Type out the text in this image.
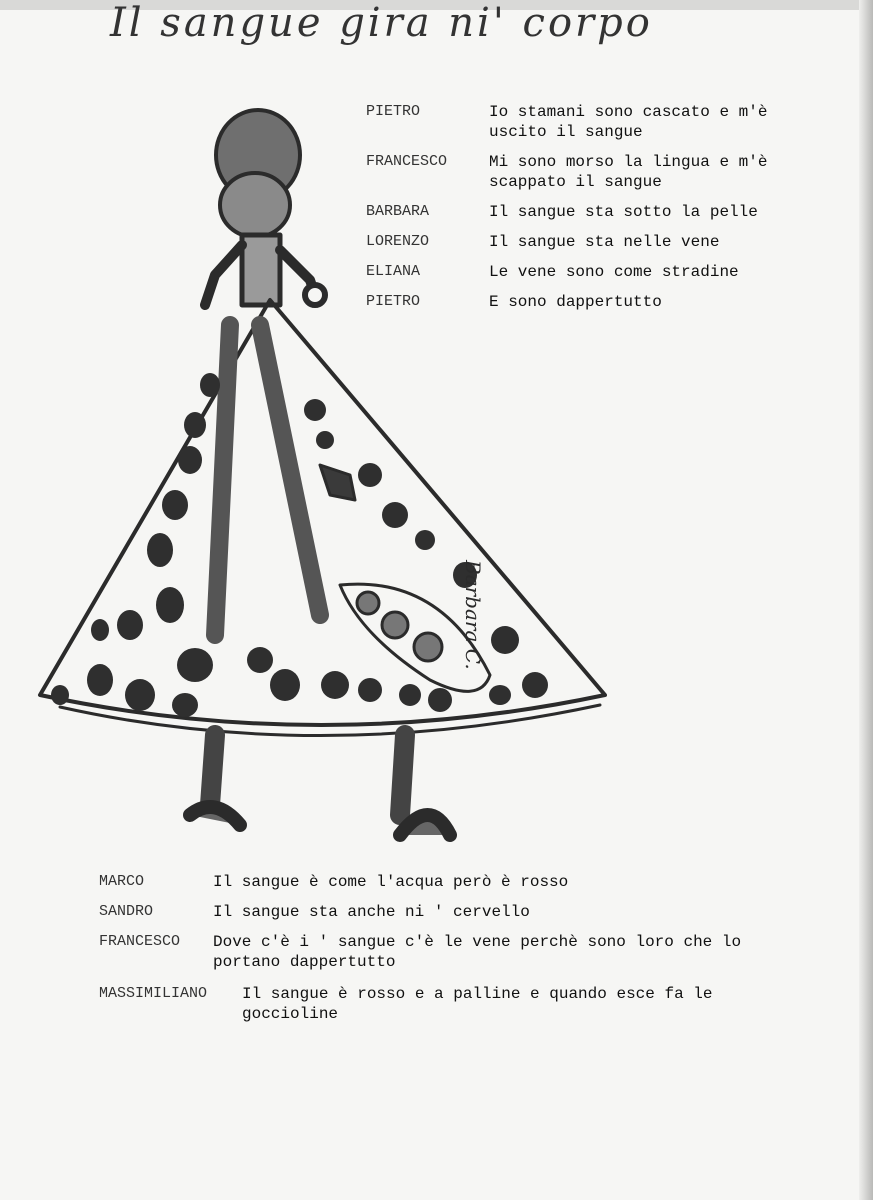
Il sangue gira ni' corpo
Barbara C.
PIETRO	Io stamani sono cascato e m'è uscito il sangue
FRANCESCO	Mi sono morso la lingua e m'è scappato il sangue
BARBARA	Il sangue sta sotto la pelle
LORENZO	Il sangue sta nelle vene
ELIANA	Le vene sono come stradine
PIETRO	E sono dappertutto
MARCO	Il sangue è come l'acqua però è rosso
SANDRO	Il sangue sta anche ni ' cervello
FRANCESCO Dove c'è i ' sangue c'è le vene perchè sono loro che lo portano dappertutto
MASSIMILIANO Il sangue è rosso e a palline e quando esce fa le goccioline
